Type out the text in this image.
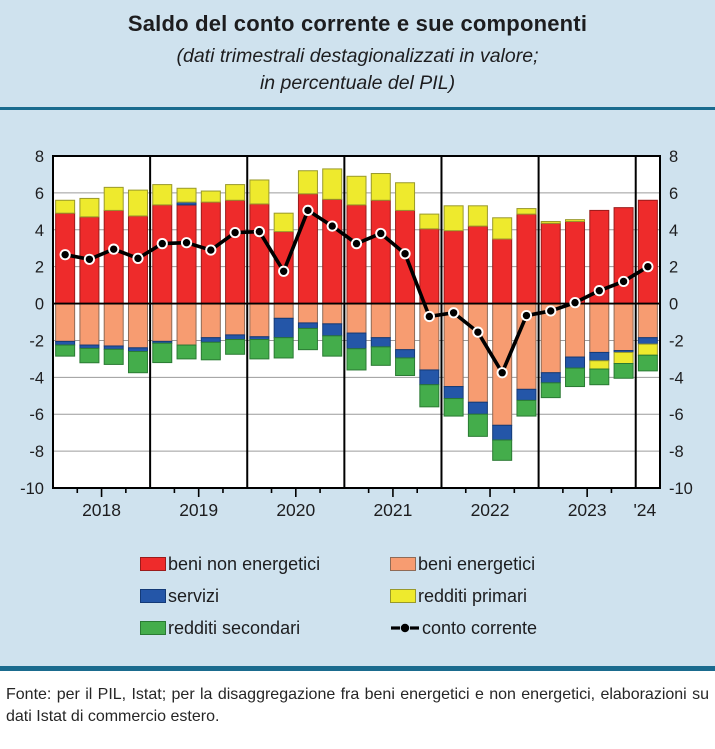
Saldo del conto corrente e sue componenti
(dati trimestrali destagionalizzati in valore;
in percentuale del PIL)
8	8
6	6
4	4
2	2
0	0
-2	-2
-4	-4
-6	-6
-8	-8
-10	-10
2018	2019	2020	2021	2022	2023 '24
beni non energetici	beni energetici
servizi	redditi primari
redditi secondari	conto corrente
Fonte: per il PIL, Istat; per la disaggregazione fra beni energetici e non energetici, elaborazioni su dati Istat di commercio estero.
